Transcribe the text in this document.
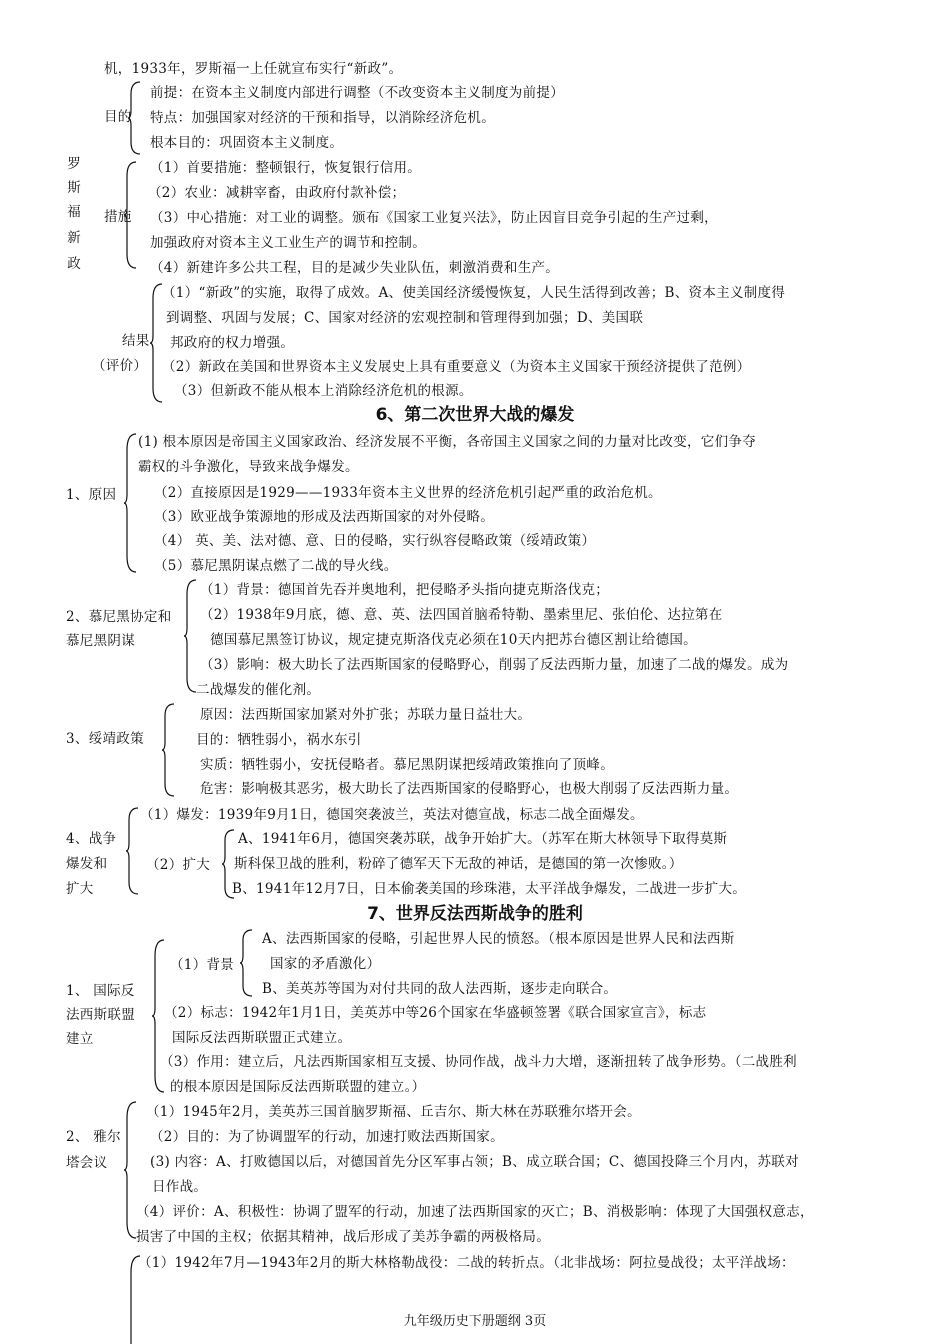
机，1933年，罗斯福一上任就宣布实行“新政”。
罗
斯
福
新
政
目的
前提：在资本主义制度内部进行调整（不改变资本主义制度为前提）
特点：加强国家对经济的干预和指导，以消除经济危机。
根本目的：巩固资本主义制度。
措施
（1）首要措施：整顿银行，恢复银行信用。
（2）农业：减耕宰畜，由政府付款补偿；
（3）中心措施：对工业的调整。颁布《国家工业复兴法》，防止因盲目竞争引起的生产过剩，
加强政府对资本主义工业生产的调节和控制。
（4）新建许多公共工程，目的是减少失业队伍，刺激消费和生产。
结果
（评价）
（1）“新政”的实施，取得了成效。A、使美国经济缓慢恢复，人民生活得到改善；B、资本主义制度得
到调整、巩固与发展；C、国家对经济的宏观控制和管理得到加强；D、美国联
邦政府的权力增强。
（2）新政在美国和世界资本主义发展史上具有重要意义（为资本主义国家干预经济提供了范例）
（3）但新政不能从根本上消除经济危机的根源。
6、第二次世界大战的爆发
1、原因
(1) 根本原因是帝国主义国家政治、经济发展不平衡，各帝国主义国家之间的力量对比改变，它们争夺
霸权的斗争激化，导致来战争爆发。
（2）直接原因是1929——1933年资本主义世界的经济危机引起严重的政治危机。
（3）欧亚战争策源地的形成及法西斯国家的对外侵略。
（4） 英、美、法对德、意、日的侵略，实行纵容侵略政策（绥靖政策）
（5）慕尼黑阴谋点燃了二战的导火线。
2、慕尼黑协定和
慕尼黑阴谋
（1）背景：德国首先吞并奥地利，把侵略矛头指向捷克斯洛伐克；
（2）1938年9月底，德、意、英、法四国首脑希特勒、墨索里尼、张伯伦、达拉第在
德国慕尼黑签订协议，规定捷克斯洛伐克必须在10天内把苏台德区割让给德国。
（3）影响：极大助长了法西斯国家的侵略野心，削弱了反法西斯力量，加速了二战的爆发。成为
二战爆发的催化剂。
3、绥靖政策
原因：法西斯国家加紧对外扩张；苏联力量日益壮大。
目的：牺牲弱小，祸水东引
实质：牺牲弱小，安抚侵略者。慕尼黑阴谋把绥靖政策推向了顶峰。
危害：影响极其恶劣，极大助长了法西斯国家的侵略野心，也极大削弱了反法西斯力量。
4、战争
爆发和
扩大
（1）爆发：1939年9月1日，德国突袭波兰，英法对德宣战，标志二战全面爆发。
（2）扩大
A、1941年6月，德国突袭苏联，战争开始扩大。（苏军在斯大林领导下取得莫斯
斯科保卫战的胜利，粉碎了德军天下无敌的神话，是德国的第一次惨败。）
B、1941年12月7日，日本偷袭美国的珍珠港，太平洋战争爆发，二战进一步扩大。
7、世界反法西斯战争的胜利
1、 国际反
法西斯联盟
建立
（1）背景
A、法西斯国家的侵略，引起世界人民的愤怒。（根本原因是世界人民和法西斯
国家的矛盾激化）
B、美英苏等国为对付共同的敌人法西斯，逐步走向联合。
（2）标志：1942年1月1日，美英苏中等26个国家在华盛顿签署《联合国家宣言》，标志
国际反法西斯联盟正式建立。
（3）作用：建立后，凡法西斯国家相互支援、协同作战，战斗力大增，逐渐扭转了战争形势。（二战胜利
的根本原因是国际反法西斯联盟的建立。）
2、 雅尔
塔会议
（1）1945年2月，美英苏三国首脑罗斯福、丘吉尔、斯大林在苏联雅尔塔开会。
（2）目的：为了协调盟军的行动，加速打败法西斯国家。
(3) 内容：A、打败德国以后，对德国首先分区军事占领；B、成立联合国；C、德国投降三个月内，苏联对
日作战。
（4）评价：A、积极性：协调了盟军的行动，加速了法西斯国家的灭亡；B、消极影响：体现了大国强权意志，
损害了中国的主权；依据其精神，战后形成了美苏争霸的两极格局。
（1）1942年7月—1943年2月的斯大林格勒战役：二战的转折点。（北非战场：阿拉曼战役；太平洋战场：
九年级历史下册题纲 3页
